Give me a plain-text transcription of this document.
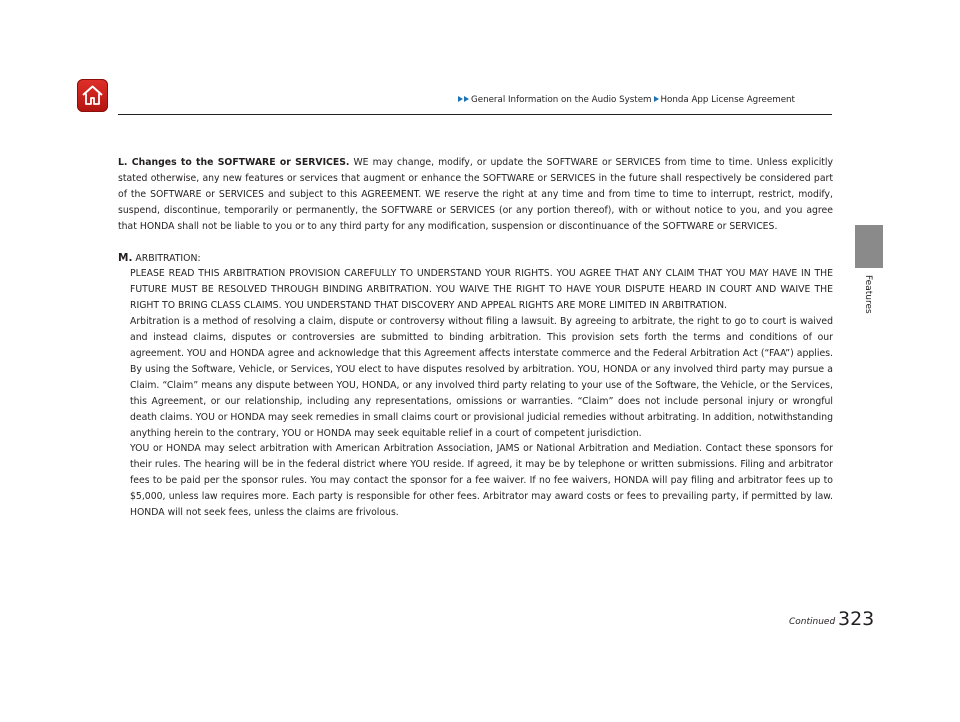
General Information on the Audio System Honda App License Agreement
Features

L. Changes to the SOFTWARE or SERVICES. WE may change, modify, or update the SOFTWARE or SERVICES from time to time. Unless explicitly stated otherwise, any new features or services that augment or enhance the SOFTWARE or SERVICES in the future shall respectively be considered part of the SOFTWARE or SERVICES and subject to this AGREEMENT. WE reserve the right at any time and from time to time to interrupt, restrict, modify, suspend, discontinue, temporarily or permanently, the SOFTWARE or SERVICES (or any portion thereof), with or without notice to you, and you agree that HONDA shall not be liable to you or to any third party for any modification, suspension or discontinuance of the SOFTWARE or SERVICES.

M. ARBITRATION:

PLEASE READ THIS ARBITRATION PROVISION CAREFULLY TO UNDERSTAND YOUR RIGHTS. YOU AGREE THAT ANY CLAIM THAT YOU MAY HAVE IN THE FUTURE MUST BE RESOLVED THROUGH BINDING ARBITRATION. YOU WAIVE THE RIGHT TO HAVE YOUR DISPUTE HEARD IN COURT AND WAIVE THE RIGHT TO BRING CLASS CLAIMS. YOU UNDERSTAND THAT DISCOVERY AND APPEAL RIGHTS ARE MORE LIMITED IN ARBITRATION.

Arbitration is a method of resolving a claim, dispute or controversy without filing a lawsuit. By agreeing to arbitrate, the right to go to court is waived and instead claims, disputes or controversies are submitted to binding arbitration. This provision sets forth the terms and conditions of our agreement. YOU and HONDA agree and acknowledge that this Agreement affects interstate commerce and the Federal Arbitration Act (“FAA”) applies. By using the Software, Vehicle, or Services, YOU elect to have disputes resolved by arbitration. YOU, HONDA or any involved third party may pursue a Claim. “Claim” means any dispute between YOU, HONDA, or any involved third party relating to your use of the Software, the Vehicle, or the Services, this Agreement, or our relationship, including any representations, omissions or warranties. “Claim” does not include personal injury or wrongful death claims. YOU or HONDA may seek remedies in small claims court or provisional judicial remedies without arbitrating. In addition, notwithstanding anything herein to the contrary, YOU or HONDA may seek equitable relief in a court of competent jurisdiction.

YOU or HONDA may select arbitration with American Arbitration Association, JAMS or National Arbitration and Mediation. Contact these sponsors for their rules. The hearing will be in the federal district where YOU reside. If agreed, it may be by telephone or written submissions. Filing and arbitrator fees to be paid per the sponsor rules. You may contact the sponsor for a fee waiver. If no fee waivers, HONDA will pay filing and arbitrator fees up to $5,000, unless law requires more. Each party is responsible for other fees. Arbitrator may award costs or fees to prevailing party, if permitted by law. HONDA will not seek fees, unless the claims are frivolous.

Continued 323
